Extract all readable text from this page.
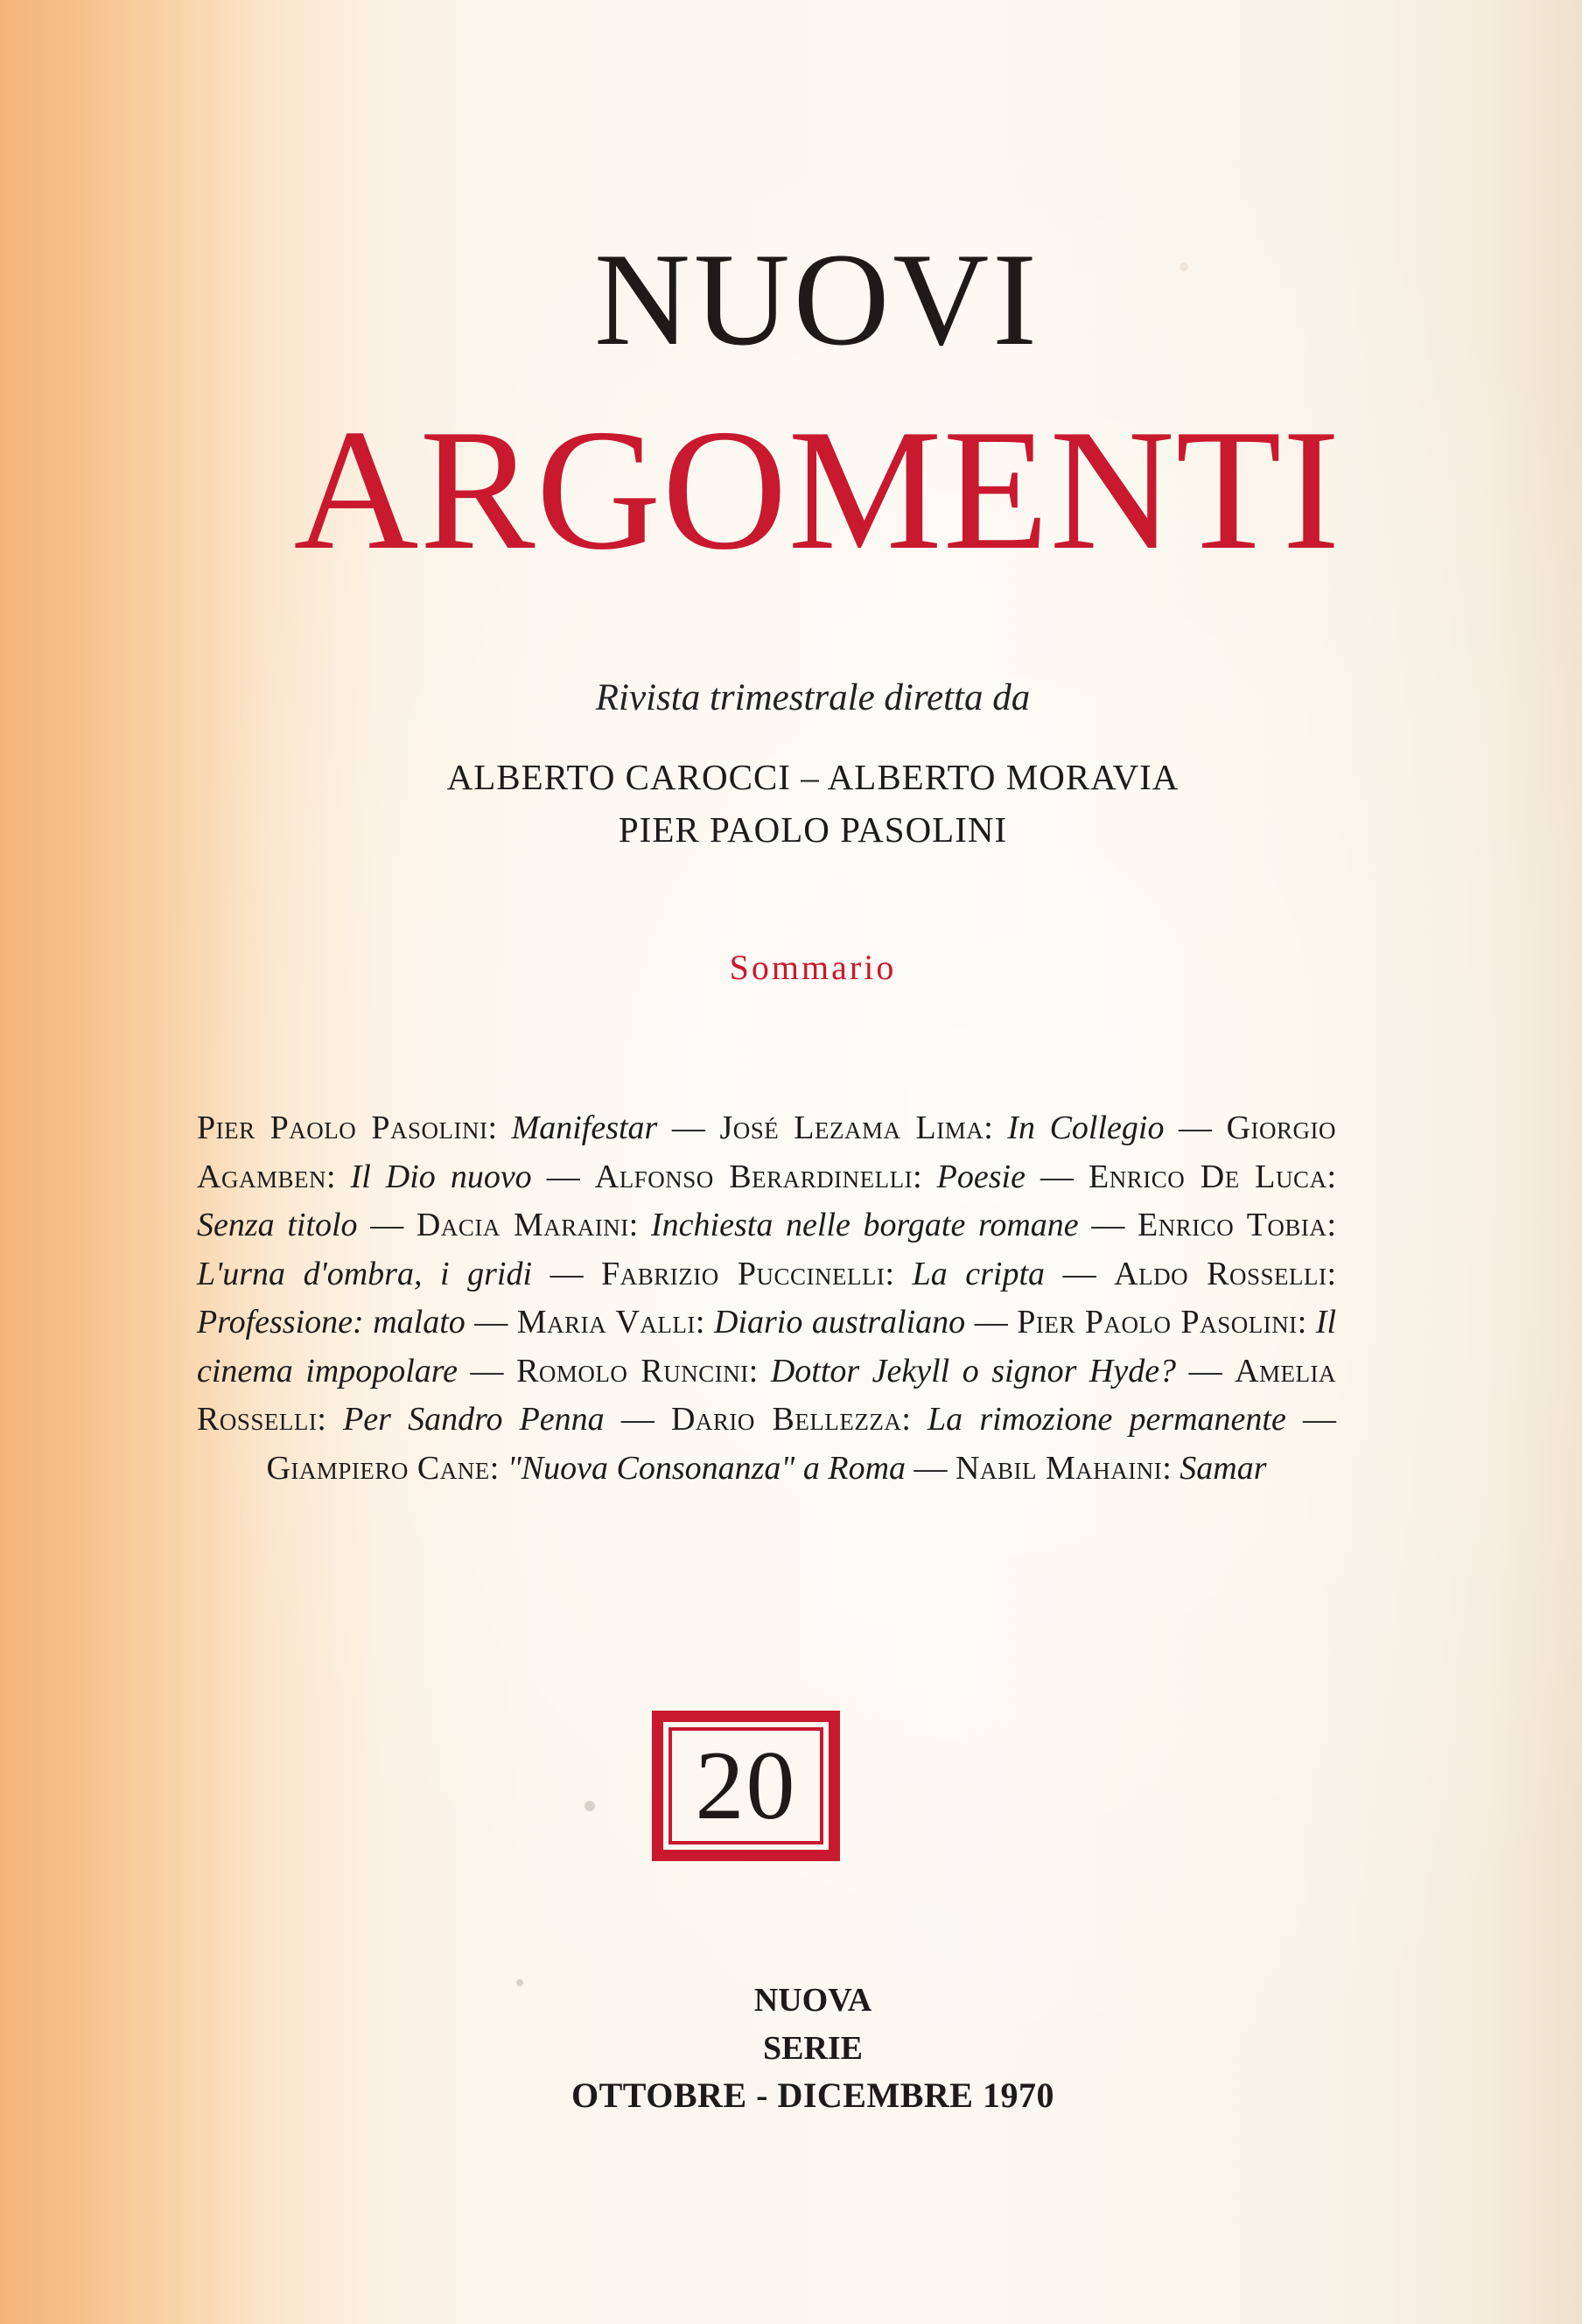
NUOVI
ARGOMENTI
Rivista trimestrale diretta da
ALBERTO CAROCCI – ALBERTO MORAVIA
PIER PAOLO PASOLINI
Sommario
Pier Paolo Pasolini: Manifestar — José Lezama Lima: In Collegio — Giorgio Agamben: Il Dio nuovo — Alfonso Berardinelli: Poesie — Enrico De Luca: Senza titolo — Dacia Maraini: Inchiesta nelle borgate romane — Enrico Tobia: L'urna d'ombra, i gridi — Fabrizio Puccinelli: La cripta — Aldo Rosselli: Professione: malato — Maria Valli: Diario australiano — Pier Paolo Pasolini: Il cinema impopolare — Romolo Runcini: Dottor Jekyll o signor Hyde? — Amelia Rosselli: Per Sandro Penna — Dario Bellezza: La rimozione permanente — Giampiero Cane: "Nuova Consonanza" a Roma — Nabil Mahaini: Samar
20
NUOVA
SERIE
OTTOBRE - DICEMBRE 1970
